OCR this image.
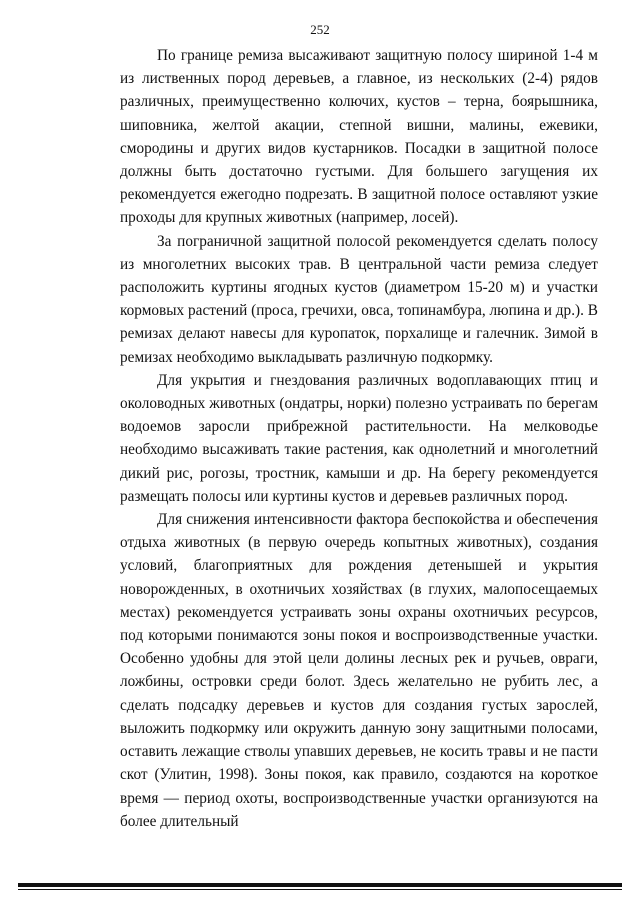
252

По границе ремиза высаживают защитную полосу шириной 1-4 м из лиственных пород деревьев, а главное, из нескольких (2-4) рядов различных, преимущественно колючих, кустов – терна, боярышника, шиповника, желтой акации, степной вишни, малины, ежевики, смородины и других видов кустарников. Посадки в защитной полосе должны быть достаточно густыми. Для большего загущения их рекомендуется ежегодно подрезать. В защитной полосе оставляют узкие проходы для крупных животных (например, лосей).

За пограничной защитной полосой рекомендуется сделать полосу из многолетних высоких трав. В центральной части ремиза следует расположить куртины ягодных кустов (диаметром 15-20 м) и участки кормовых растений (проса, гречихи, овса, топинамбура, люпина и др.). В ремизах делают навесы для куропаток, порхалище и галечник. Зимой в ремизах необходимо выкладывать различную подкормку.

Для укрытия и гнездования различных водоплавающих птиц и околоводных животных (ондатры, норки) полезно устраивать по берегам водоемов заросли прибрежной растительности. На мелководье необходимо высаживать такие растения, как однолетний и многолетний дикий рис, рогозы, тростник, камыши и др. На берегу рекомендуется размещать полосы или куртины кустов и деревьев различных пород.

Для снижения интенсивности фактора беспокойства и обеспечения отдыха животных (в первую очередь копытных животных), создания условий, благоприятных для рождения детенышей и укрытия новорожденных, в охотничьих хозяйствах (в глухих, малопосещаемых местах) рекомендуется устраивать зоны охраны охотничьих ресурсов, под которыми понимаются зоны покоя и воспроизводственные участки. Особенно удобны для этой цели долины лесных рек и ручьев, овраги, ложбины, островки среди болот. Здесь желательно не рубить лес, а сделать подсадку деревьев и кустов для создания густых зарослей, выложить подкормку или окружить данную зону защитными полосами, оставить лежащие стволы упавших деревьев, не косить травы и не пасти скот (Улитин, 1998). Зоны покоя, как правило, создаются на короткое время — период охоты, воспроизводственные участки организуются на более длительный
